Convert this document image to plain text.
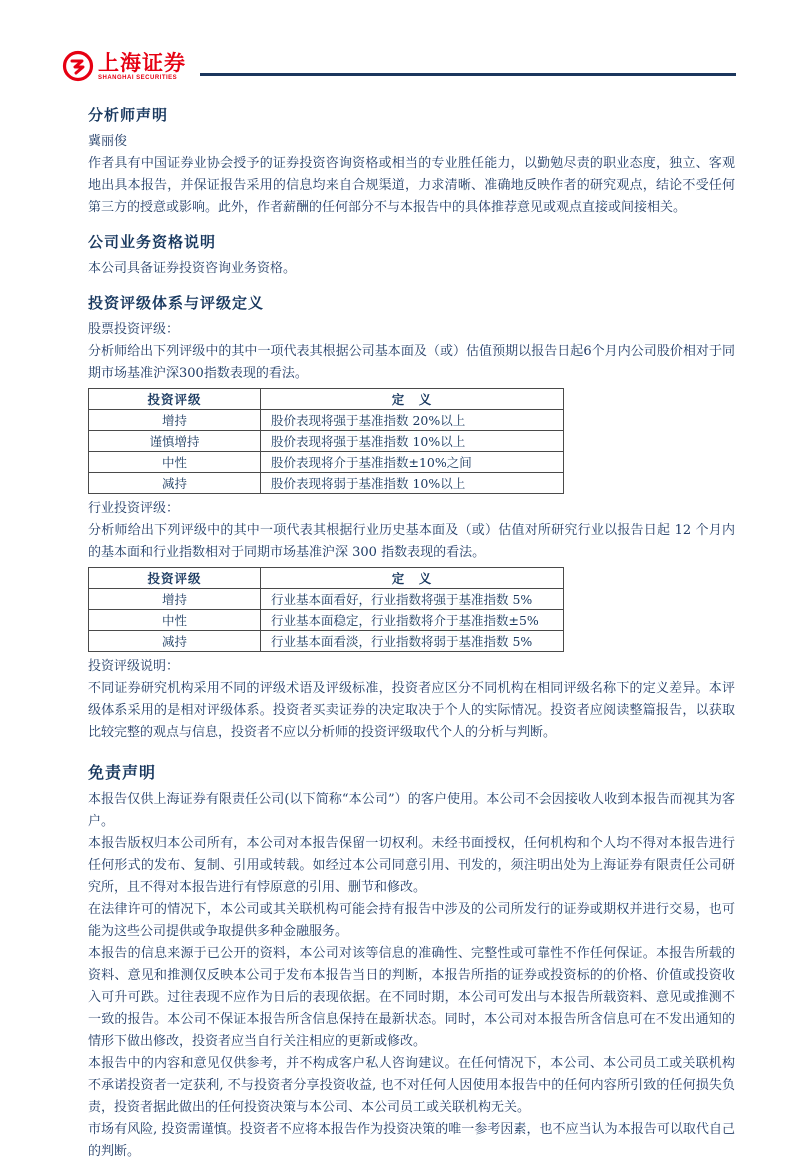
上海证券
SHANGHAI SECURITIES
分析师声明

冀丽俊

作者具有中国证券业协会授予的证券投资咨询资格或相当的专业胜任能力，以勤勉尽责的职业态度，独立、客观地出具本报告，并保证报告采用的信息均来自合规渠道，力求清晰、准确地反映作者的研究观点，结论不受任何第三方的授意或影响。此外，作者薪酬的任何部分不与本报告中的具体推荐意见或观点直接或间接相关。

公司业务资格说明

本公司具备证券投资咨询业务资格。

投资评级体系与评级定义

股票投资评级：

分析师给出下列评级中的其中一项代表其根据公司基本面及（或）估值预期以报告日起6个月内公司股价相对于同期市场基准沪深300指数表现的看法。

投资评级	定　义
增持	股价表现将强于基准指数 20%以上
谨慎增持	股价表现将强于基准指数 10%以上
中性	股价表现将介于基准指数±10%之间
减持	股价表现将弱于基准指数 10%以上

行业投资评级：

分析师给出下列评级中的其中一项代表其根据行业历史基本面及（或）估值对所研究行业以报告日起 12 个月内的基本面和行业指数相对于同期市场基准沪深 300 指数表现的看法。

投资评级	定　义
增持	行业基本面看好，行业指数将强于基准指数 5%
中性	行业基本面稳定，行业指数将介于基准指数±5%
减持	行业基本面看淡，行业指数将弱于基准指数 5%

投资评级说明：

不同证券研究机构采用不同的评级术语及评级标准，投资者应区分不同机构在相同评级名称下的定义差异。本评级体系采用的是相对评级体系。投资者买卖证券的决定取决于个人的实际情况。投资者应阅读整篇报告，以获取比较完整的观点与信息，投资者不应以分析师的投资评级取代个人的分析与判断。

免责声明

本报告仅供上海证券有限责任公司(以下简称“本公司”）的客户使用。本公司不会因接收人收到本报告而视其为客户。

本报告版权归本公司所有，本公司对本报告保留一切权利。未经书面授权，任何机构和个人均不得对本报告进行任何形式的发布、复制、引用或转载。如经过本公司同意引用、刊发的，须注明出处为上海证券有限责任公司研究所，且不得对本报告进行有悖原意的引用、删节和修改。

在法律许可的情况下，本公司或其关联机构可能会持有报告中涉及的公司所发行的证券或期权并进行交易，也可能为这些公司提供或争取提供多种金融服务。

本报告的信息来源于已公开的资料，本公司对该等信息的准确性、完整性或可靠性不作任何保证。本报告所载的资料、意见和推测仅反映本公司于发布本报告当日的判断，本报告所指的证券或投资标的的价格、价值或投资收入可升可跌。过往表现不应作为日后的表现依据。在不同时期，本公司可发出与本报告所载资料、意见或推测不一致的报告。本公司不保证本报告所含信息保持在最新状态。同时，本公司对本报告所含信息可在不发出通知的情形下做出修改，投资者应当自行关注相应的更新或修改。

本报告中的内容和意见仅供参考，并不构成客户私人咨询建议。在任何情况下，本公司、本公司员工或关联机构不承诺投资者一定获利, 不与投资者分享投资收益, 也不对任何人因使用本报告中的任何内容所引致的任何损失负责，投资者据此做出的任何投资决策与本公司、本公司员工或关联机构无关。

市场有风险, 投资需谨慎。投资者不应将本报告作为投资决策的唯一参考因素，也不应当认为本报告可以取代自己的判断。
